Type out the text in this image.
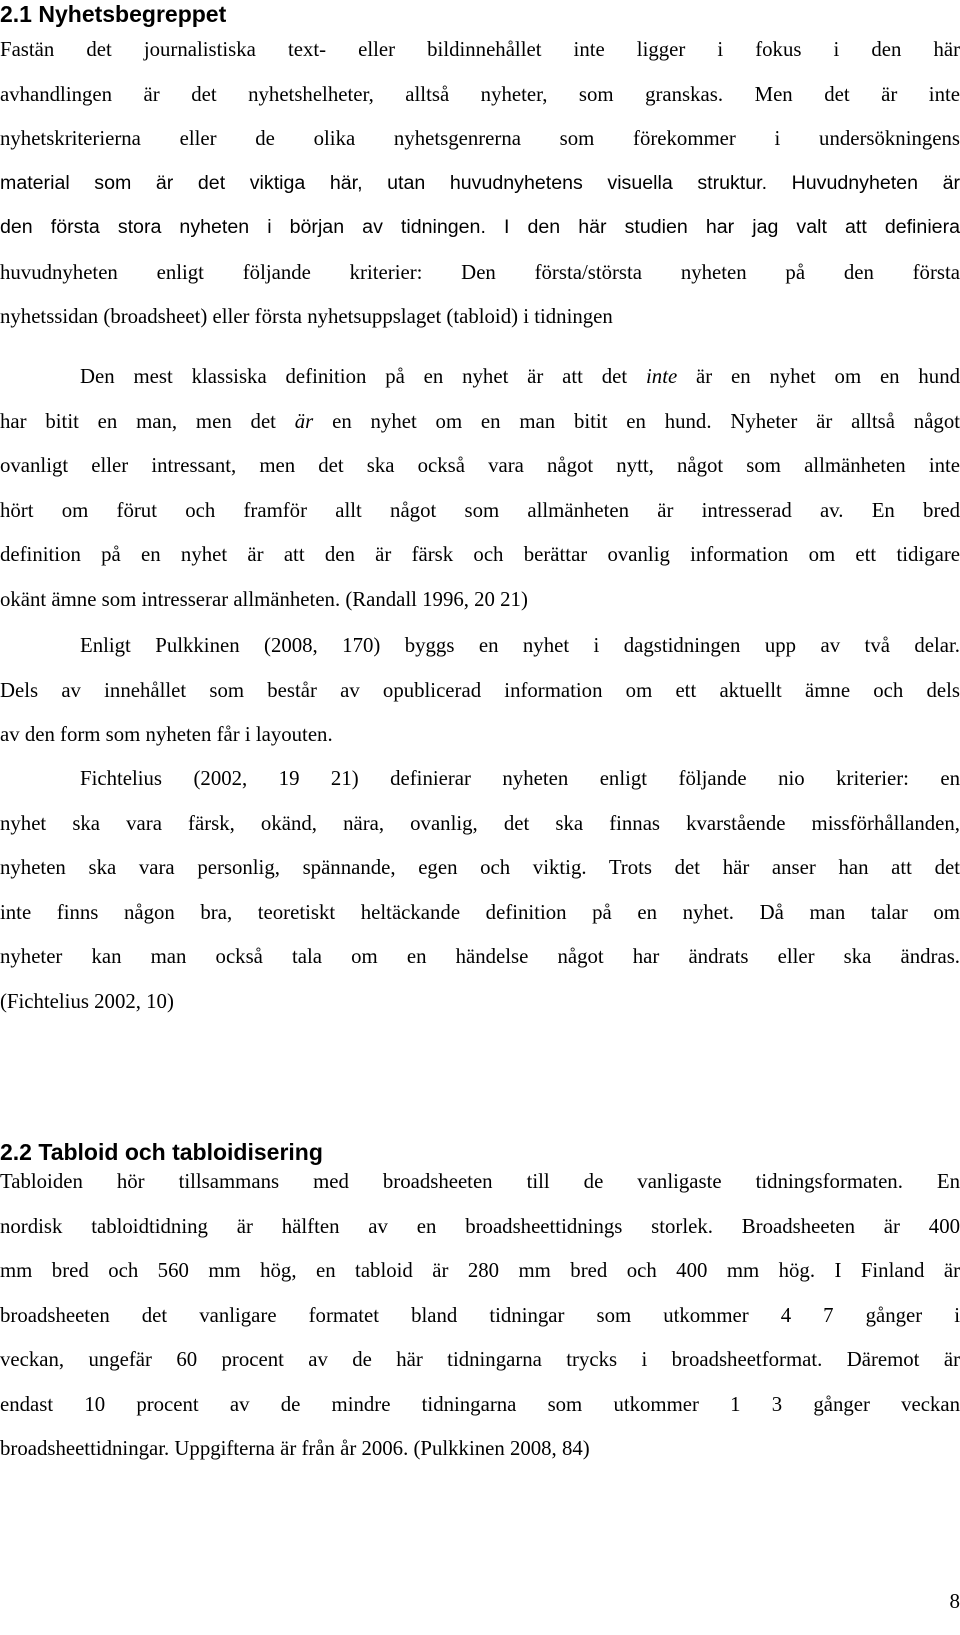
2.1 Nyhetsbegreppet
Fastän det journalistiska text- eller bildinnehållet inte ligger i fokus i den här
avhandlingen är det nyhetshelheter, alltså nyheter, som granskas. Men det är inte
nyhetskriterierna eller de olika nyhetsgenrerna som förekommer i undersökningens
material som är det viktiga här, utan huvudnyhetens visuella struktur. Huvudnyheten är
den första stora nyheten i början av tidningen. I den här studien har jag valt att definiera
huvudnyheten enligt följande kriterier: Den första/största nyheten på den första
nyhetssidan (broadsheet) eller första nyhetsuppslaget (tabloid) i tidningen
Den mest klassiska definition på en nyhet är att det inte är en nyhet om en hund
har bitit en man, men det är en nyhet om en man bitit en hund. Nyheter är alltså något
ovanligt eller intressant, men det ska också vara något nytt, något som allmänheten inte
hört om förut och framför allt något som allmänheten är intresserad av. En bred
definition på en nyhet är att den är färsk och berättar ovanlig information om ett tidigare
okänt ämne som intresserar allmänheten. (Randall 1996, 20 21)
Enligt Pulkkinen (2008, 170) byggs en nyhet i dagstidningen upp av två delar.
Dels av innehållet som består av opublicerad information om ett aktuellt ämne och dels
av den form som nyheten får i layouten.
Fichtelius (2002, 19 21) definierar nyheten enligt följande nio kriterier: en
nyhet ska vara färsk, okänd, nära, ovanlig, det ska finnas kvarstående missförhållanden,
nyheten ska vara personlig, spännande, egen och viktig. Trots det här anser han att det
inte finns någon bra, teoretiskt heltäckande definition på en nyhet. Då man talar om
nyheter kan man också tala om en händelse något har ändrats eller ska ändras.
(Fichtelius 2002, 10)
2.2 Tabloid och tabloidisering
Tabloiden hör tillsammans med broadsheeten till de vanligaste tidningsformaten. En
nordisk tabloidtidning är hälften av en broadsheettidnings storlek. Broadsheeten är 400
mm bred och 560 mm hög, en tabloid är 280 mm bred och 400 mm hög. I Finland är
broadsheeten det vanligare formatet bland tidningar som utkommer 4 7 gånger i
veckan, ungefär 60 procent av de här tidningarna trycks i broadsheetformat. Däremot är
endast 10 procent av de mindre tidningarna som utkommer 1 3 gånger veckan
broadsheettidningar. Uppgifterna är från år 2006. (Pulkkinen 2008, 84)
8
